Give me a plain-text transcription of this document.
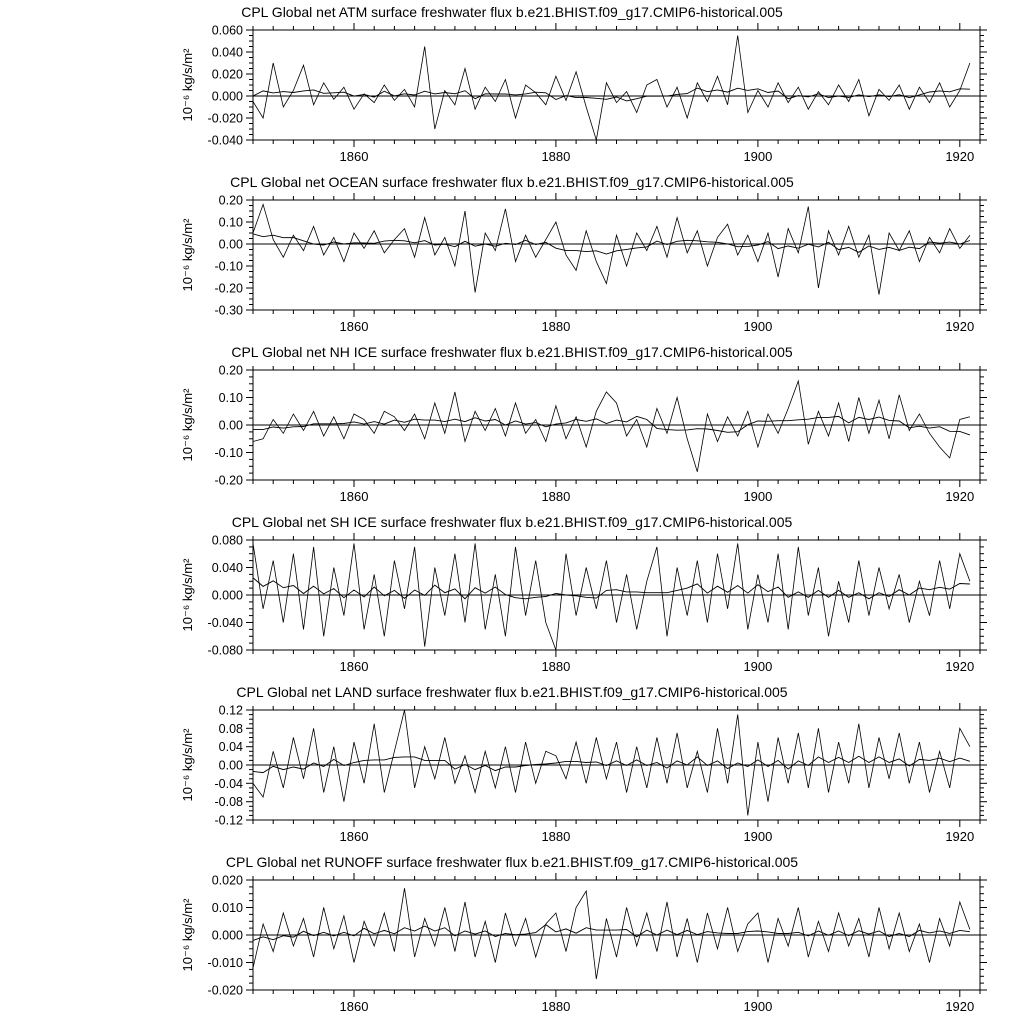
CPL Global net ATM surface freshwater flux b.e21.BHIST.f09_g17.CMIP6-historical.005
1860	1880	1900	1920
0.060
0.040
0.020
0.000
-0.020
-0.040
10⁻⁶ kg/s/m²
CPL Global net OCEAN surface freshwater flux b.e21.BHIST.f09_g17.CMIP6-historical.005
1860	1880	1900	1920
0.20
0.10
0.00
-0.10
-0.20
-0.30
10⁻⁶ kg/s/m²
CPL Global net NH ICE surface freshwater flux b.e21.BHIST.f09_g17.CMIP6-historical.005
1860	1880	1900	1920
0.20
0.10
0.00
-0.10
-0.20
10⁻⁶ kg/s/m²
CPL Global net SH ICE surface freshwater flux b.e21.BHIST.f09_g17.CMIP6-historical.005
1860	1880	1900	1920
0.080
0.040
0.000
-0.040
-0.080
10⁻⁶ kg/s/m²
CPL Global net LAND surface freshwater flux b.e21.BHIST.f09_g17.CMIP6-historical.005
1860	1880	1900	1920
0.12
0.08
0.04
0.00
-0.04
-0.08
-0.12
10⁻⁶ kg/s/m²
CPL Global net RUNOFF surface freshwater flux b.e21.BHIST.f09_g17.CMIP6-historical.005
1860	1880	1900	1920
0.020
0.010
0.000
-0.010
-0.020
10⁻⁶ kg/s/m²
